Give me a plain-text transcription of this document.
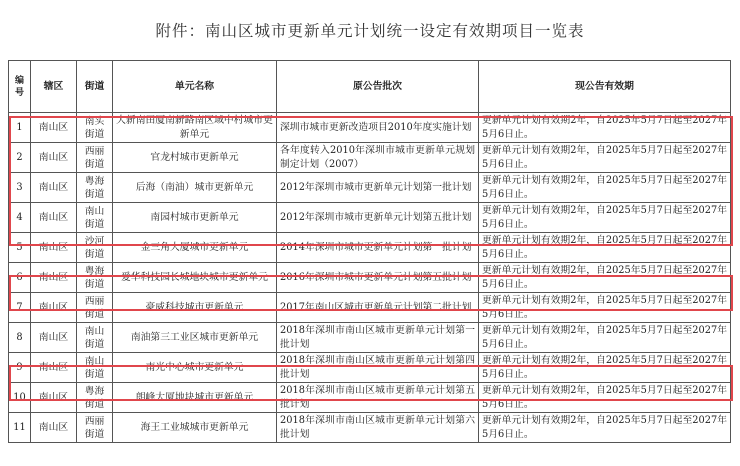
附件：南山区城市更新单元计划统一设定有效期项目一览表
编号	辖区	街道	单元名称	原公告批次	现公告有效期
1	南山区	南头街道	大新南田厦南新路南区域中村城市更新单元	深圳市城市更新改造项目2010年度实施计划	更新单元计划有效期2年，自2025年5月7日起至2027年5月6日止。
2	南山区	西丽街道	官龙村城市更新单元	各年度转入2010年深圳市城市更新单元规划制定计划（2007）	更新单元计划有效期2年，自2025年5月7日起至2027年5月6日止。
3	南山区	粤海街道	后海（南油）城市更新单元	2012年深圳市城市更新单元计划第一批计划	更新单元计划有效期2年，自2025年5月7日起至2027年5月6日止。
4	南山区	南山街道	南园村城市更新单元	2012年深圳市城市更新单元计划第五批计划	更新单元计划有效期2年，自2025年5月7日起至2027年5月6日止。
5	南山区	沙河街道	金三角大厦城市更新单元	2014年深圳市城市更新单元计划第一批计划	更新单元计划有效期2年，自2025年5月7日起至2027年5月6日止。
6	南山区	粤海街道	爱华科技园长城地块城市更新单元	2016年深圳市城市更新单元计划第五批计划	更新单元计划有效期2年，自2025年5月7日起至2027年5月6日止。
7	南山区	西丽街道	豪威科技城市更新单元	2017年南山区城市更新单元计划第二批计划	更新单元计划有效期2年，自2025年5月7日起至2027年5月6日止。
8	南山区	南山街道	南油第三工业区城市更新单元	2018年深圳市南山区城市更新单元计划第一批计划	更新单元计划有效期2年，自2025年5月7日起至2027年5月6日止。
9	南山区	南山街道	南光中心城市更新单元	2018年深圳市南山区城市更新单元计划第四批计划	更新单元计划有效期2年，自2025年5月7日起至2027年5月6日止。
10	南山区	粤海街道	朗峰大厦地块城市更新单元	2018年深圳市南山区城市更新单元计划第五批计划	更新单元计划有效期2年，自2025年5月7日起至2027年5月6日止。
11	南山区	西丽街道	海王工业城城市更新单元	2018年深圳市南山区城市更新单元计划第六批计划	更新单元计划有效期2年，自2025年5月7日起至2027年5月6日止。
